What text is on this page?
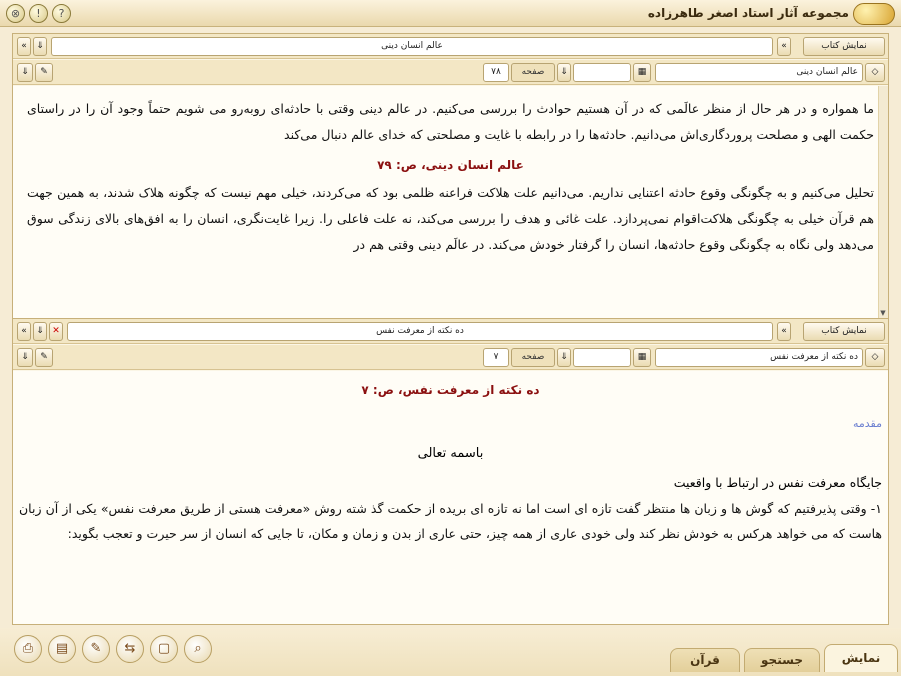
⊗	!	?	مجموعه آثار استاد اصغر طاهرزاده
«	⇓	عالم انسان دینی	«	نمایش کتاب
⇓	✎	۷۸	صفحه	⇓	▦	عالم انسان دینی	◇

ما همواره و در هر حال از منظر عالَمی که در آن هستیم حوادث را بررسی می‌کنیم. در عالم دینی وقتی با حادثه‌ای روبه‌رو می شویم حتماً وجود آن را در راستای حکمت الهی و مصلحت پروردگاری‌اش می‌دانیم. حادثه‌ها را در رابطه با غایت و مصلحتی که خدای عالم دنبال می‌کند

عالم انسان دینی، ص: ۷۹

تحلیل می‌کنیم و به چگونگی وقوع حادثه اعتنایی نداریم. می‌دانیم علت هلاکت فراعنه ظلمی بود که می‌کردند، خیلی مهم نیست که چگونه هلاک شدند، به همین جهت هم قرآن خیلی به چگونگی هلاکت‌اقوام نمی‌پردازد. علت غائی و هدف را بررسی می‌کند، نه علت فاعلی را. زیرا غایت‌نگری، انسان را به افق‌های بالای زندگی سوق می‌دهد ولی نگاه به چگونگی وقوع حادثه‌ها، انسان را گرفتار خودش می‌کند. در عالَم دینی وقتی هم در

▼
«	⇓ ✕	ده نکته از معرفت نفس	«	نمایش کتاب
⇓	✎	۷	صفحه	⇓	▦	ده نکته از معرفت نفس	◇
ده نکته از معرفت نفس، ص: ۷
مقدمه
باسمه تعالی
جایگاه معرفت نفس در ارتباط با واقعیت

۱- وقتی پذیرفتیم که گوش ها و زبان ها منتظر گفت تازه ای است اما نه تازه ای بریده از حکمت گذ شته روش «معرفت هستی از طریق معرفت نفس» یکی از آن زبان هاست که می خواهد هرکس به خودش نظر کند ولی خودی عاری از همه چیز، حتی عاری از بدن و زمان و مکان، تا جایی که انسان از سر حیرت و تعجب بگوید:

⎙	▤	✎	⇆	▢	⌕
قرآن	جستجو	نمایش
